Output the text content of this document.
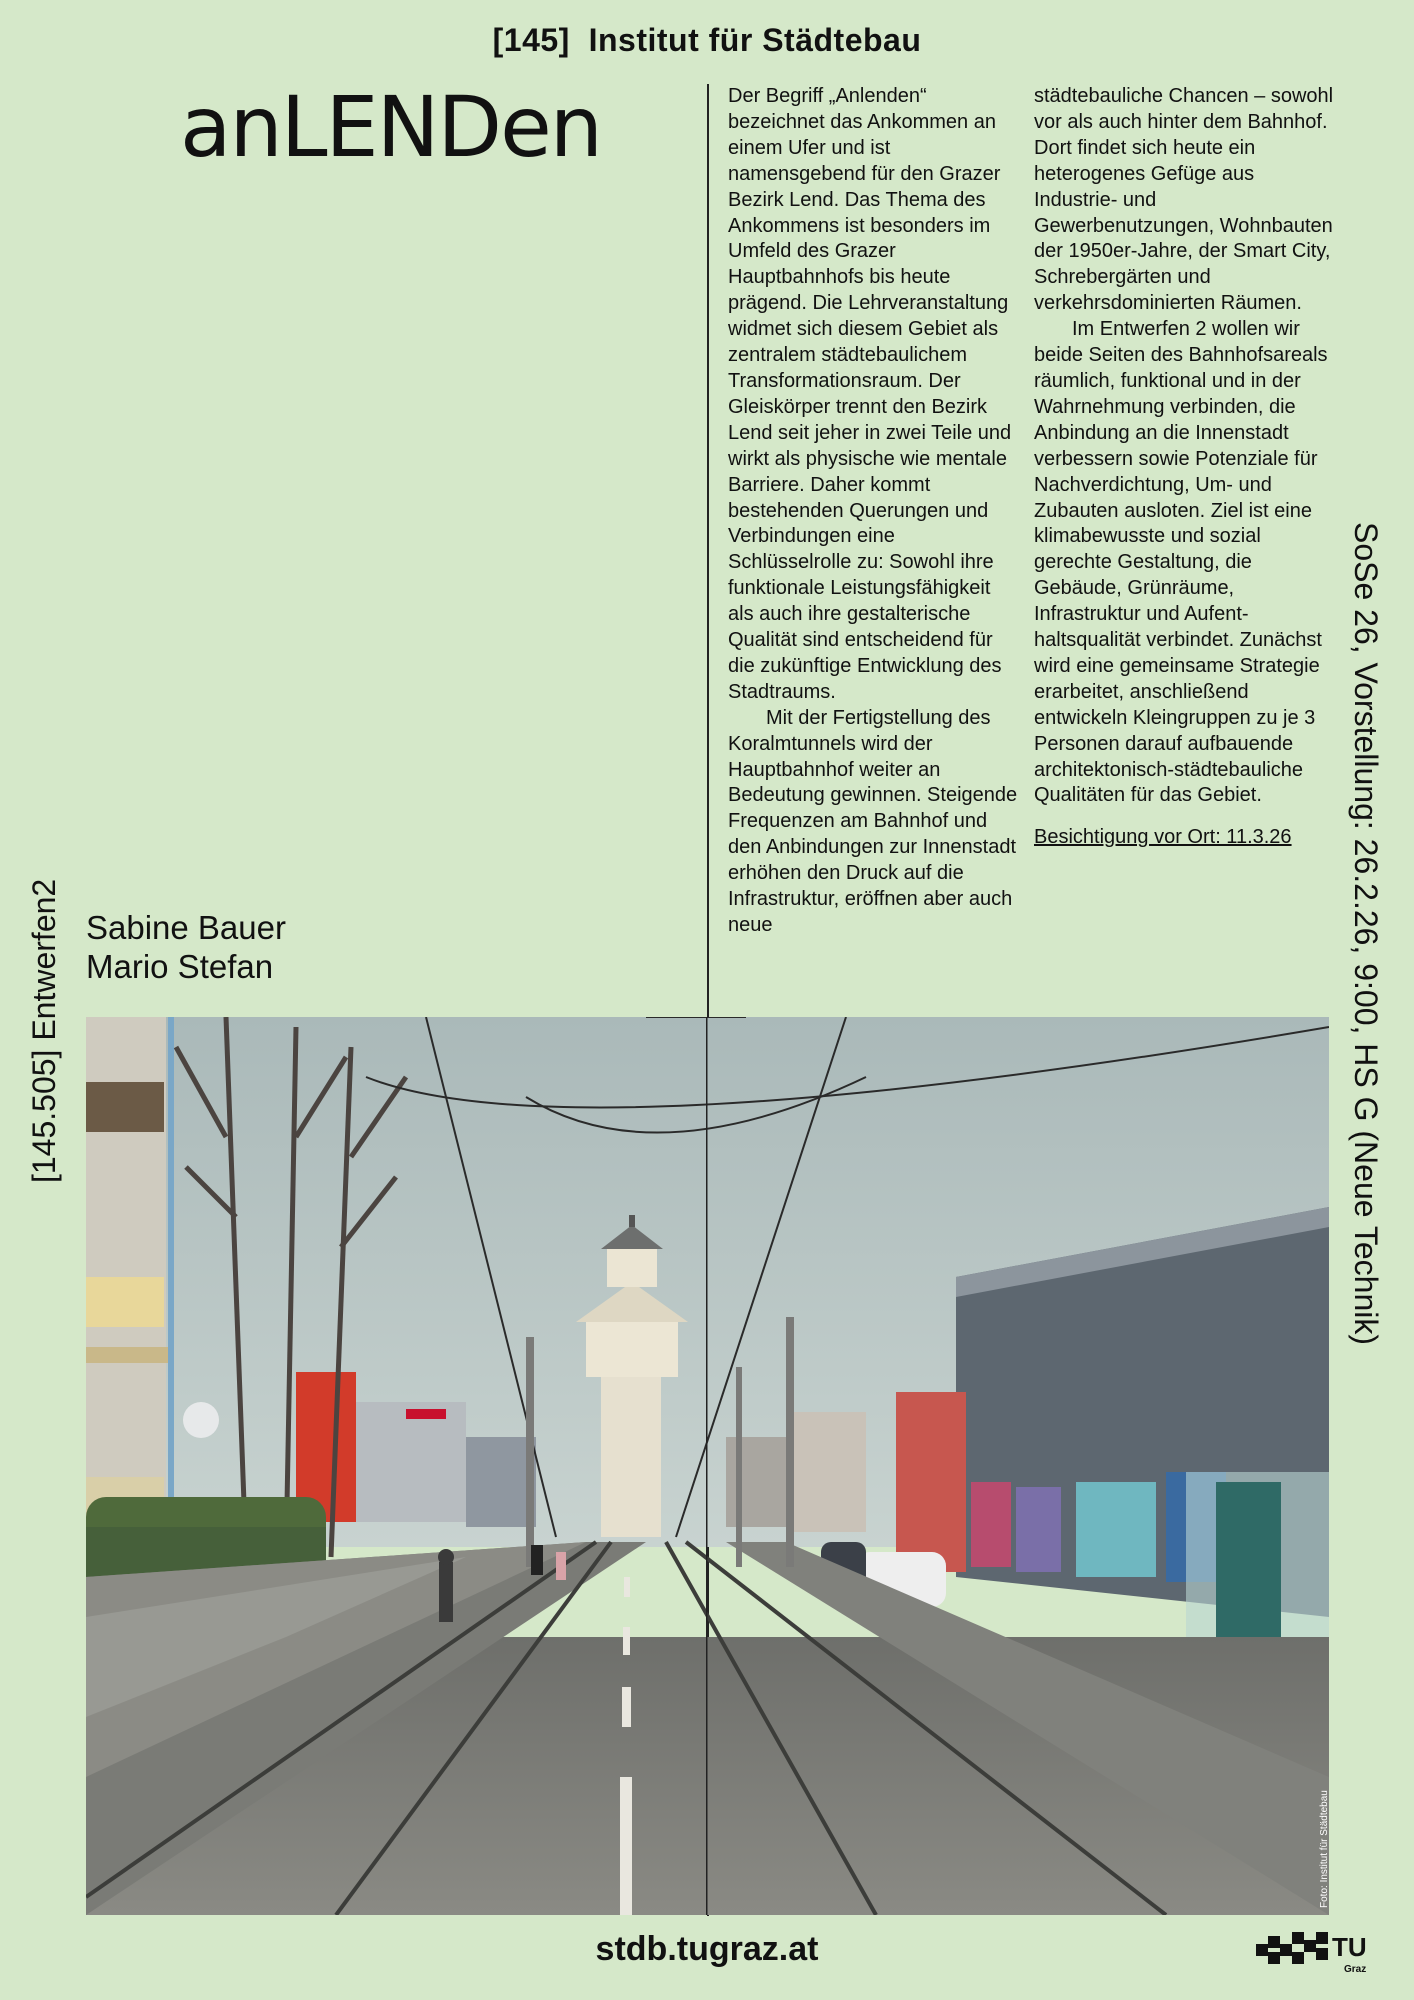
[145] Institut für Städtebau
anLENDen	Der Begriff „Anlenden“ bezeichnet das Ankommen an einem Ufer und ist namensgebend für den Grazer Bezirk Lend. Das Thema des Ankommens ist besonders im Umfeld des Grazer Hauptbahnhofs bis heute prägend. Die Lehrveranstaltung widmet sich diesem Gebiet als zentralem städtebaulichem Transformationsraum. Der Gleiskörper trennt den Bezirk Lend seit jeher in zwei Teile und wirkt als physische wie mentale Barriere. Daher kommt bestehenden Querungen und Verbindungen eine Schlüsselrolle zu: Sowohl ihre funktionale Leistungsfähigkeit als auch ihre gestalterische Qualität sind entscheidend für die zukünftige Entwicklung des Stadtraums.

Mit der Fertigstellung des Koralmtunnels wird der Hauptbahnhof weiter an Bedeutung gewinnen. Steigende Frequenzen am Bahnhof und den Anbindungen zur Innenstadt erhöhen den Druck auf die Infrastruktur, eröffnen aber auch neue

städtebauliche Chancen – sowohl vor als auch hinter dem Bahnhof. Dort findet sich heute ein heterogenes Gefüge aus Industrie- und Gewerbenutzungen, Wohnbauten der 1950er-Jahre, der Smart City, Schrebergärten und verkehrsdominierten Räumen.

Im Entwerfen 2 wollen wir beide Seiten des Bahnhofsareals räumlich, funktional und in der Wahrnehmung verbinden, die Anbindung an die Innenstadt verbessern sowie Potenziale für Nachverdichtung, Um- und Zubauten ausloten. Ziel ist eine klimabewusste und sozial gerechte Gestaltung, die Gebäude, Grünräume, Infrastruktur und Aufenthaltsqualität verbindet. Zunächst wird eine gemeinsame Strategie erarbeitet, anschließend entwickeln Kleingruppen zu je 3 Personen darauf aufbauende architektonisch-städtebauliche Qualitäten für das Gebiet.

Besichtigung vor Ort: 11.3.26

[145.505] Entwerfen2	SoSe 26, Vorstellung: 26.2.26, 9:00, HS G (Neue Technik)
Sabine Bauer
Mario Stefan
Foto: Institut für Städtebau
stdb.tugraz.at	TU
Graz
